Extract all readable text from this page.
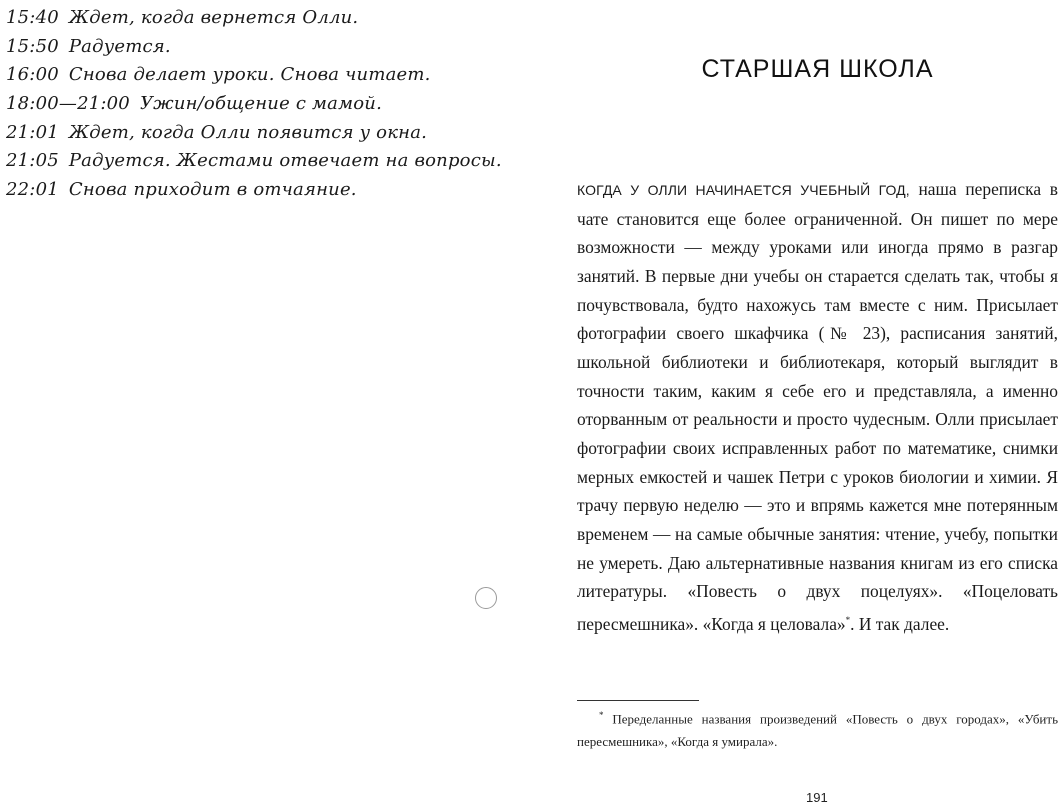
15:40 Ждет, когда вернется Олли.
15:50 Радуется.
16:00 Снова делает уроки. Снова читает.
18:00—21:00 Ужин/общение с мамой.
21:01 Ждет, когда Олли появится у окна.
21:05 Радуется. Жестами отвечает на вопросы.
22:01 Снова приходит в отчаяние.
СТАРШАЯ ШКОЛА

КОГДА У ОЛЛИ НАЧИНАЕТСЯ УЧЕБНЫЙ ГОД, наша переписка в чате становится еще более ограниченной. Он пишет по мере возможности — между уроками или иногда прямо в разгар занятий. В первые дни учебы он старается сделать так, чтобы я почувствовала, будто нахожусь там вместе с ним. Присылает фотографии своего шкафчика (№ 23), расписания занятий, школьной библиотеки и библиотекаря, который выглядит в точности таким, каким я себе его и представляла, а именно оторванным от реальности и просто чудесным. Олли присылает фотографии своих исправленных работ по математике, снимки мерных емкостей и чашек Петри с уроков биологии и химии. Я трачу первую неделю — это и впрямь кажется мне потерянным временем — на самые обычные занятия: чтение, учебу, попытки не умереть. Даю альтернативные названия книгам из его списка литературы. «Повесть о двух поцелуях». «Поцеловать пересмешника». «Когда я целовала»*. И так далее.

* Переделанные названия произведений «Повесть о двух городах», «Убить пересмешника», «Когда я умирала».

191
